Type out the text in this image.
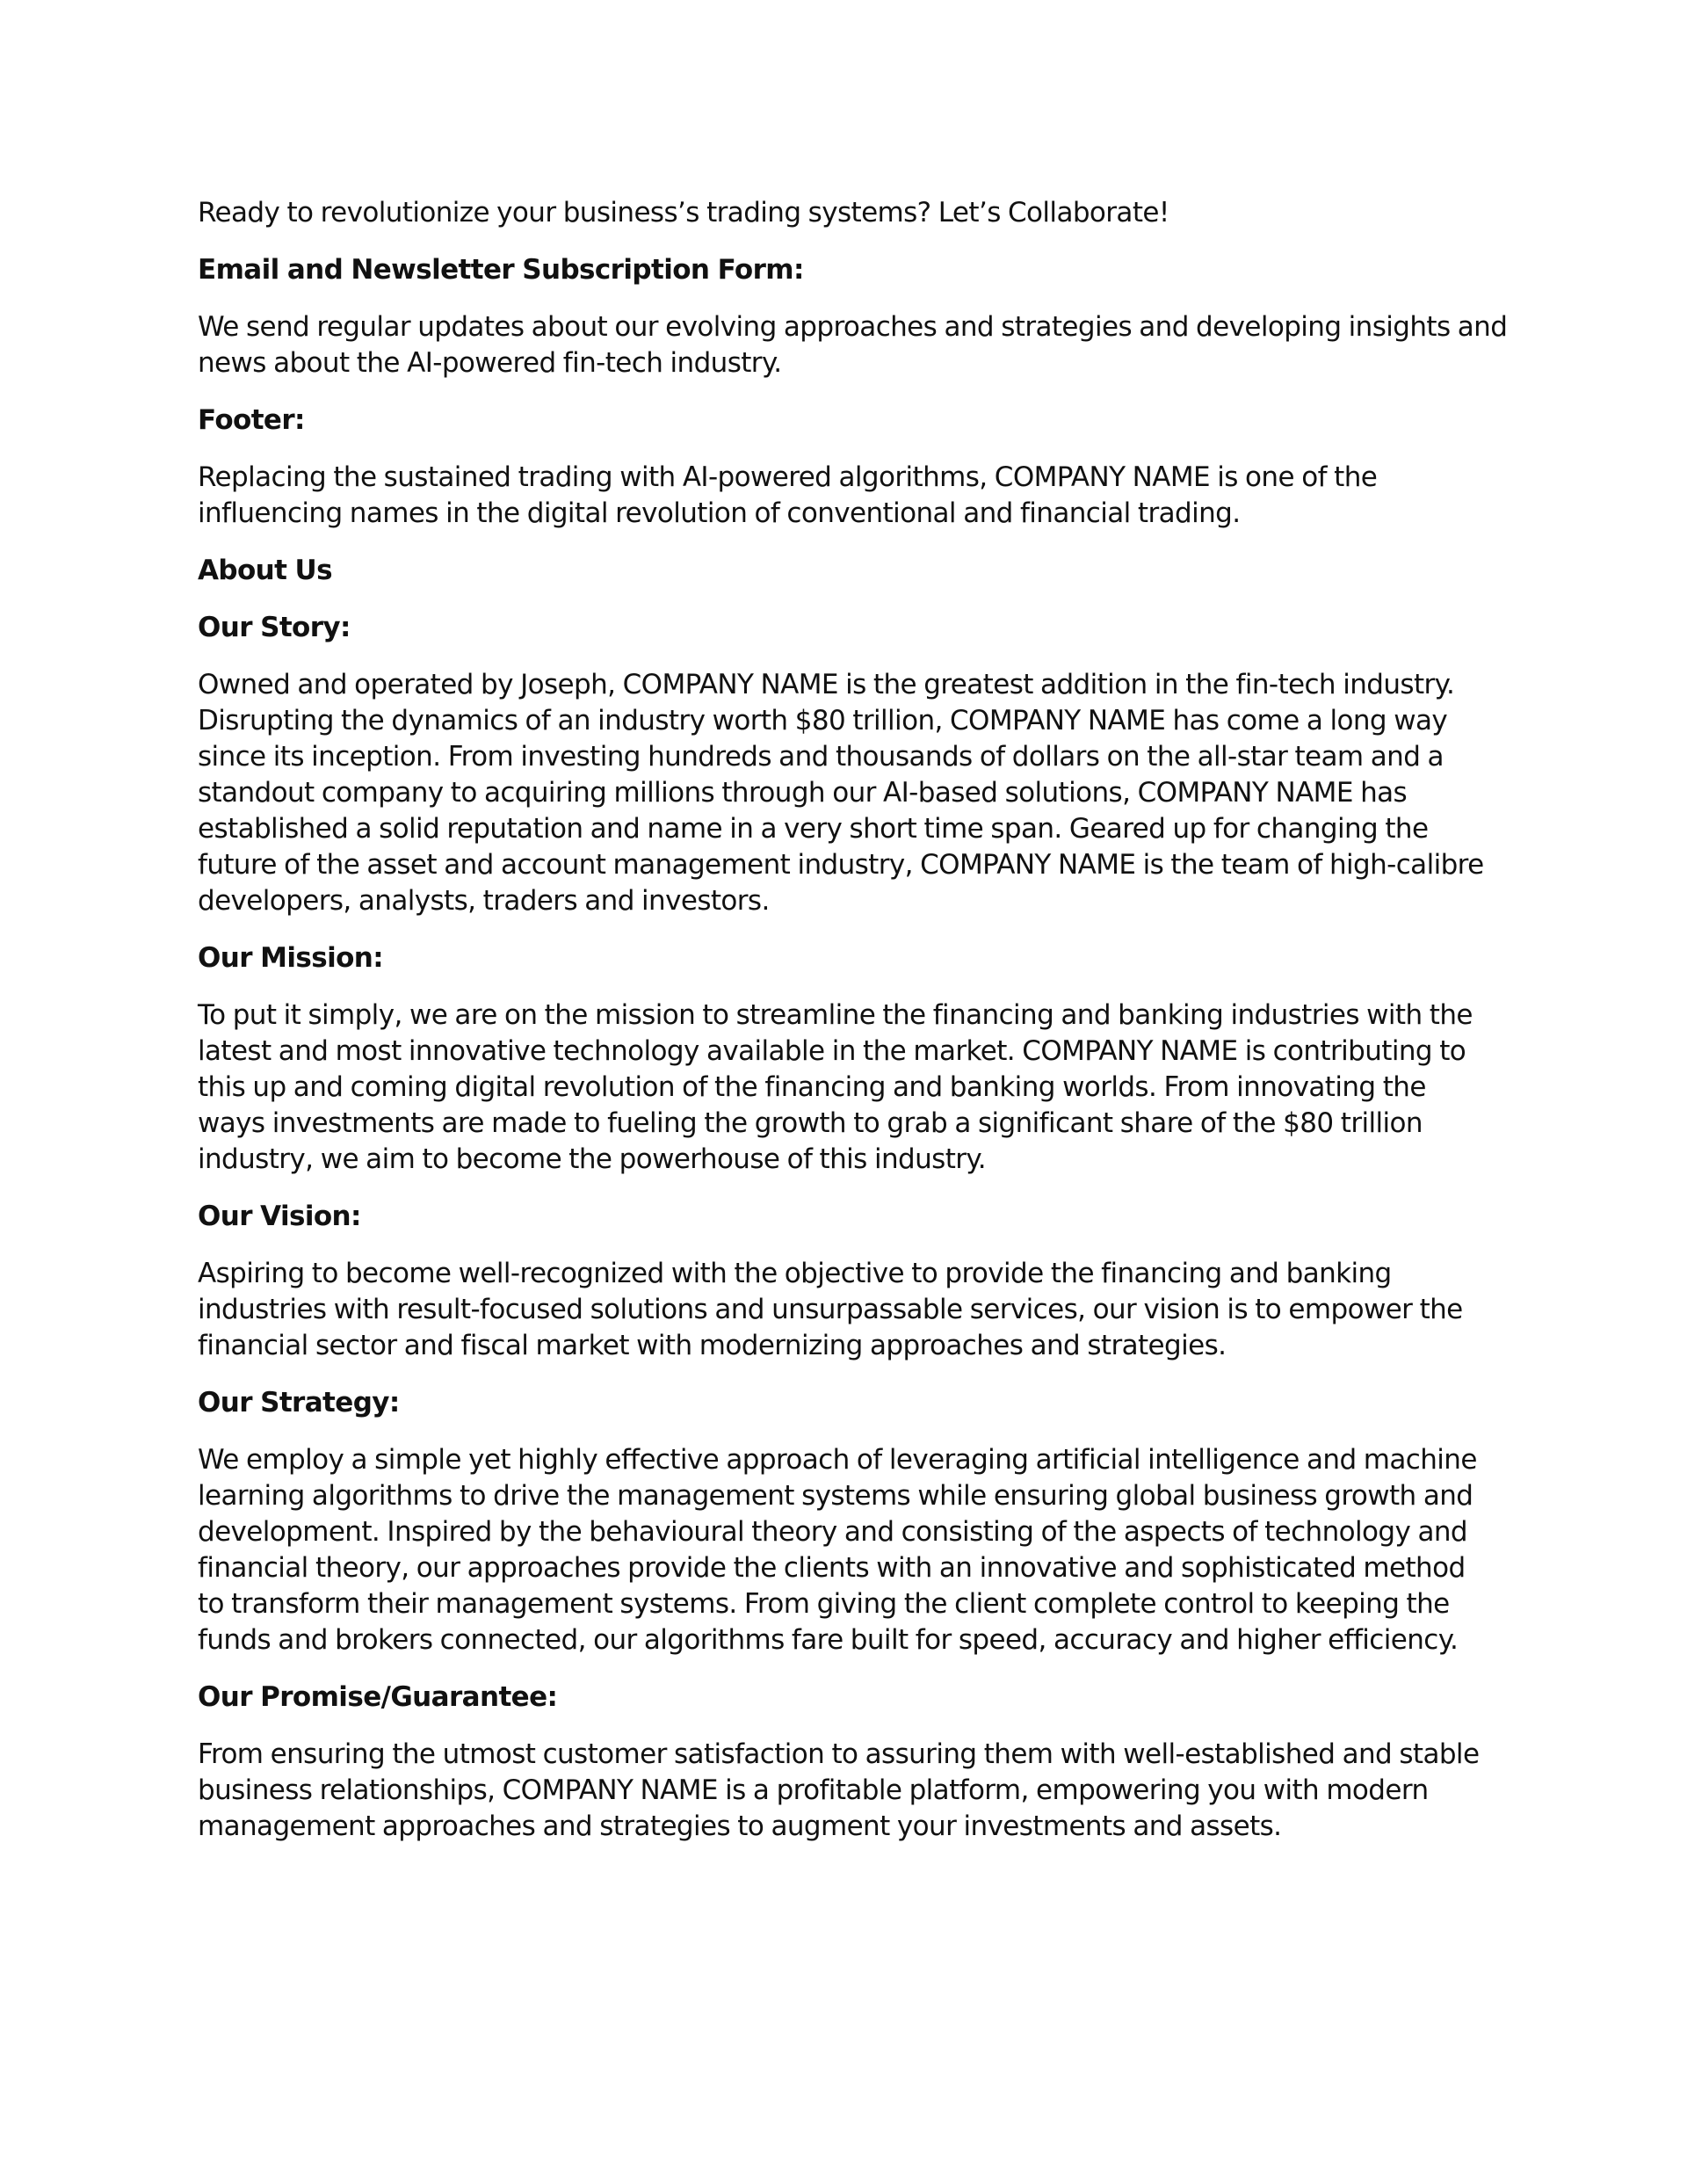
Ready to revolutionize your business’s trading systems? Let’s Collaborate!

Email and Newsletter Subscription Form:

We send regular updates about our evolving approaches and strategies and developing insights and
news about the AI-powered fin-tech industry.

Footer:

Replacing the sustained trading with AI-powered algorithms, COMPANY NAME is one of the
influencing names in the digital revolution of conventional and financial trading.

About Us

Our Story:

Owned and operated by Joseph, COMPANY NAME is the greatest addition in the fin-tech industry.
Disrupting the dynamics of an industry worth $80 trillion, COMPANY NAME has come a long way
since its inception. From investing hundreds and thousands of dollars on the all-star team and a
standout company to acquiring millions through our AI-based solutions, COMPANY NAME has
established a solid reputation and name in a very short time span. Geared up for changing the
future of the asset and account management industry, COMPANY NAME is the team of high-calibre
developers, analysts, traders and investors.

Our Mission:

To put it simply, we are on the mission to streamline the financing and banking industries with the
latest and most innovative technology available in the market. COMPANY NAME is contributing to
this up and coming digital revolution of the financing and banking worlds. From innovating the
ways investments are made to fueling the growth to grab a significant share of the $80 trillion
industry, we aim to become the powerhouse of this industry.

Our Vision:

Aspiring to become well-recognized with the objective to provide the financing and banking
industries with result-focused solutions and unsurpassable services, our vision is to empower the
financial sector and fiscal market with modernizing approaches and strategies.

Our Strategy:

We employ a simple yet highly effective approach of leveraging artificial intelligence and machine
learning algorithms to drive the management systems while ensuring global business growth and
development. Inspired by the behavioural theory and consisting of the aspects of technology and
financial theory, our approaches provide the clients with an innovative and sophisticated method
to transform their management systems. From giving the client complete control to keeping the
funds and brokers connected, our algorithms fare built for speed, accuracy and higher efficiency.

Our Promise/Guarantee:

From ensuring the utmost customer satisfaction to assuring them with well-established and stable
business relationships, COMPANY NAME is a profitable platform, empowering you with modern
management approaches and strategies to augment your investments and assets.
